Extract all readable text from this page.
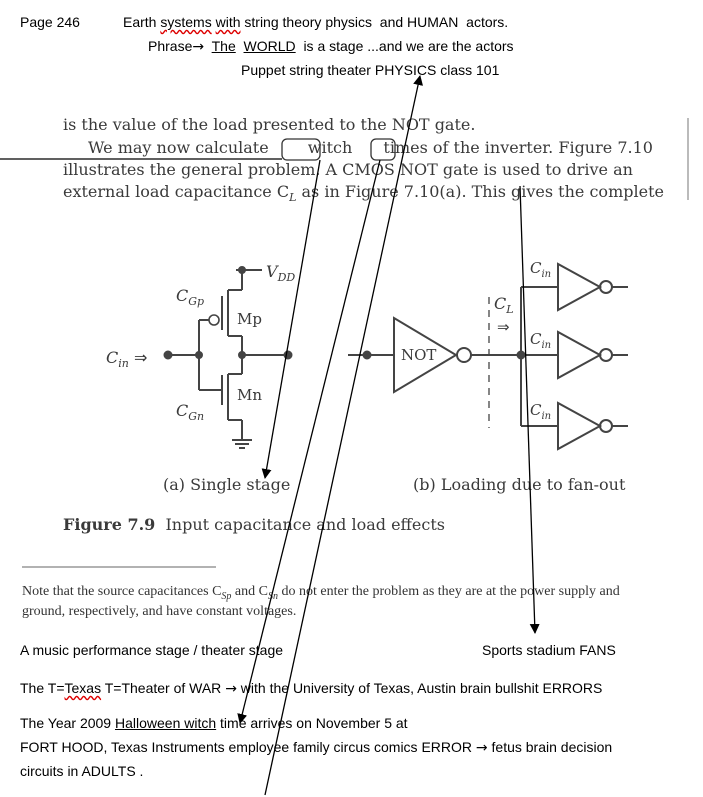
Page 246	Earth systems with string theory physics and HUMAN actors.
Phrase→ The WORLD is a stage ...and we are the actors
Puppet string theater PHYSICS class 101
is the value of the load presented to the NOT gate.
We may now calculate witch times of the inverter. Figure 7.10
illustrates the general problem. A CMOS NOT gate is used to drive an
external load capacitance $C_L$ as in Figure 7.10(a). This gives the complete
$V_{DD}$
$C_{Gp}$
Mp
$C_{in}$ ⇒
Mn
$C_{Gn}$
NOT
$C_L$
⇒
$C_{in}$
$C_{in}$
$C_{in}$
(a) Single stage	(b) Loading due to fan-out
Figure 7.9 Input capacitance and load effects
Note that the source capacitances $C_{Sp}$ and $C_{Sn}$ do not enter the problem as they are at the power supply and
ground, respectively, and have constant voltages.
A music performance stage / theater stage	Sports stadium FANS
The T=Texas T=Theater of WAR → with the University of Texas, Austin brain bullshit ERRORS
The Year 2009 Halloween witch time arrives on November 5 at
FORT HOOD, Texas Instruments employee family circus comics ERROR → fetus brain decision
circuits in ADULTS .
